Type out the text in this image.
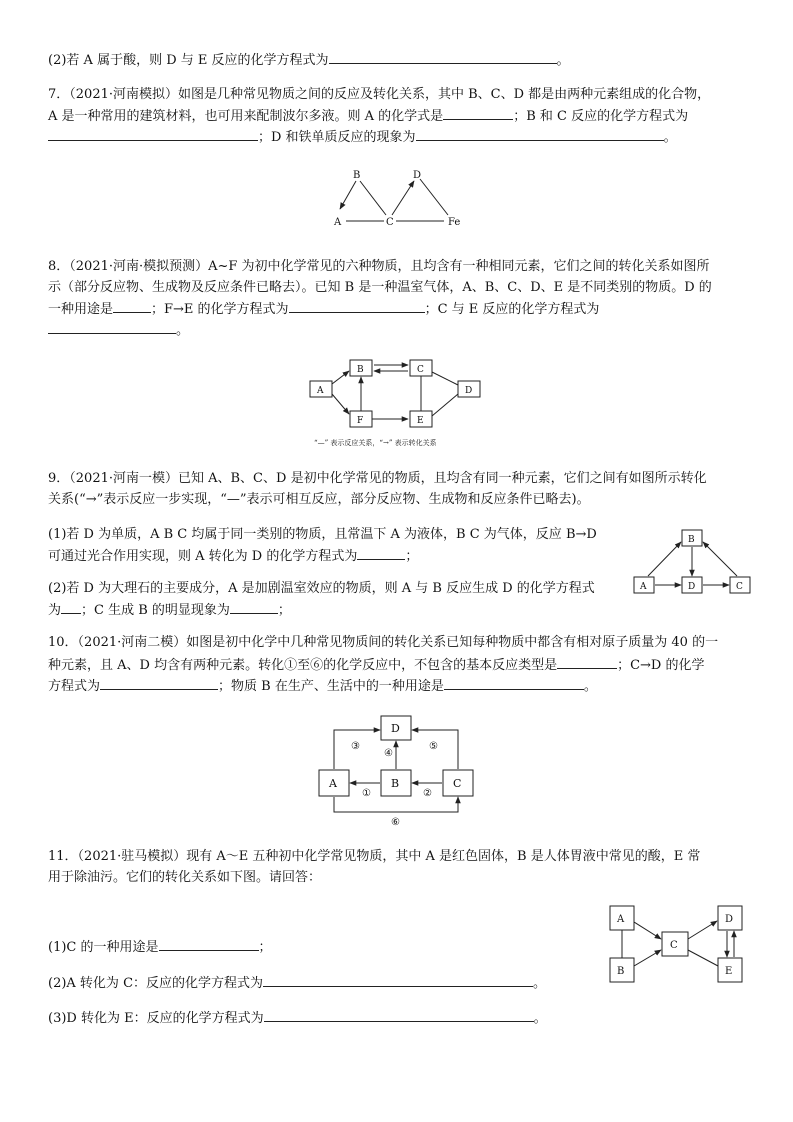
(2)若 A 属于酸，则 D 与 E 反应的化学方程式为	。
7．（2021·河南模拟）如图是几种常见物质之间的反应及转化关系，其中 B、C、D 都是由两种元素组成的化合物，
A 是一种常用的建筑材料，也可用来配制波尔多液。则 A 的化学式是	；B 和 C 反应的化学方程式为
；D 和铁单质反应的现象为	。
B	D
A	C	Fe
8．（2021·河南·模拟预测）A~F 为初中化学常见的六种物质，且均含有一种相同元素，它们之间的转化关系如图所
示（部分反应物、生成物及反应条件已略去）。已知 B 是一种温室气体，A、B、C、D、E 是不同类别的物质。D 的
一种用途是	；F→E 的化学方程式为	；C 与 E 反应的化学方程式为
。
A
B	C
D
E
F
“—” 表示反应关系，“→” 表示转化关系
9．（2021·河南一模）已知 A、B、C、D 是初中化学常见的物质，且均含有同一种元素，它们之间有如图所示转化
关系(“→”表示反应一步实现，“—”表示可相互反应，部分反应物、生成物和反应条件已略去)。
(1)若 D 为单质，A B C 均属于同一类别的物质，且常温下 A 为液体，B C 为气体，反应 B→D
可通过光合作用实现，则 A 转化为 D 的化学方程式为	；
(2)若 D 为大理石的主要成分，A 是加剧温室效应的物质，则 A 与 B 反应生成 D 的化学方程式
为 ；C 生成 B 的明显现象为	；
B
A	D	C
10．（2021·河南二模）如图是初中化学中几种常见物质间的转化关系已知每种物质中都含有相对原子质量为 40 的一
种元素，且 A、D 均含有两种元素。转化①至⑥的化学反应中，不包含的基本反应类型是	；C→D 的化学
方程式为	；物质 B 在生产、生活中的一种用途是	。
D
A	B	C
③
④
⑤
①	②
⑥
11．（2021·驻马模拟）现有 A～E 五种初中化学常见物质，其中 A 是红色固体，B 是人体胃液中常见的酸，E 常
用于除油污。它们的转化关系如下图。请回答：
(1)C 的一种用途是	；
(2)A 转化为 C：反应的化学方程式为	。
(3)D 转化为 E：反应的化学方程式为	。
A
B
C
D
E
